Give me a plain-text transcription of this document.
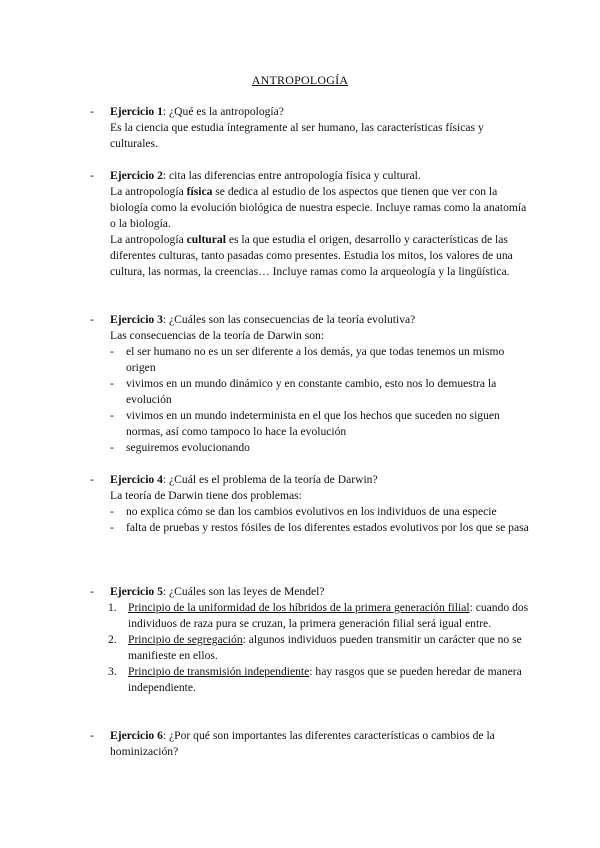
ANTROPOLOGÍA
- Ejercicio 1: ¿Qué es la antropología?

Es la ciencia que estudia íntegramente al ser humano, las características físicas y culturales.

- Ejercicio 2: cita las diferencias entre antropología física y cultural.

La antropología física se dedica al estudio de los aspectos que tienen que ver con la biología como la evolución biológica de nuestra especie. Incluye ramas como la anatomía o la biología.

La antropología cultural es la que estudia el origen, desarrollo y características de las diferentes culturas, tanto pasadas como presentes. Estudia los mitos, los valores de una cultura, las normas, la creencias… Incluye ramas como la arqueología y la lingüística.

- Ejercicio 3: ¿Cuáles son las consecuencias de la teoría evolutiva?

Las consecuencias de la teoría de Darwin son:

- el ser humano no es un ser diferente a los demás, ya que todas tenemos un mismo origen
- vivimos en un mundo dinámico y en constante cambio, esto nos lo demuestra la evolución
- vivimos en un mundo indeterminista en el que los hechos que suceden no siguen normas, así como tampoco lo hace la evolución
- seguiremos evolucionando
- Ejercicio 4: ¿Cuál es el problema de la teoría de Darwin?

La teoría de Darwin tiene dos problemas:

- no explica cómo se dan los cambios evolutivos en los individuos de una especie
- falta de pruebas y restos fósiles de los diferentes estados evolutivos por los que se pasa
- Ejercicio 5: ¿Cuáles son las leyes de Mendel?

1. Principio de la uniformidad de los híbridos de la primera generación filial: cuando dos individuos de raza pura se cruzan, la primera generación filial será igual entre.
2. Principio de segregación: algunos individuos pueden transmitir un carácter que no se manifieste en ellos.
3. Principio de transmisión independiente: hay rasgos que se pueden heredar de manera independiente.
- Ejercicio 6: ¿Por qué son importantes las diferentes características o cambios de la hominización?
